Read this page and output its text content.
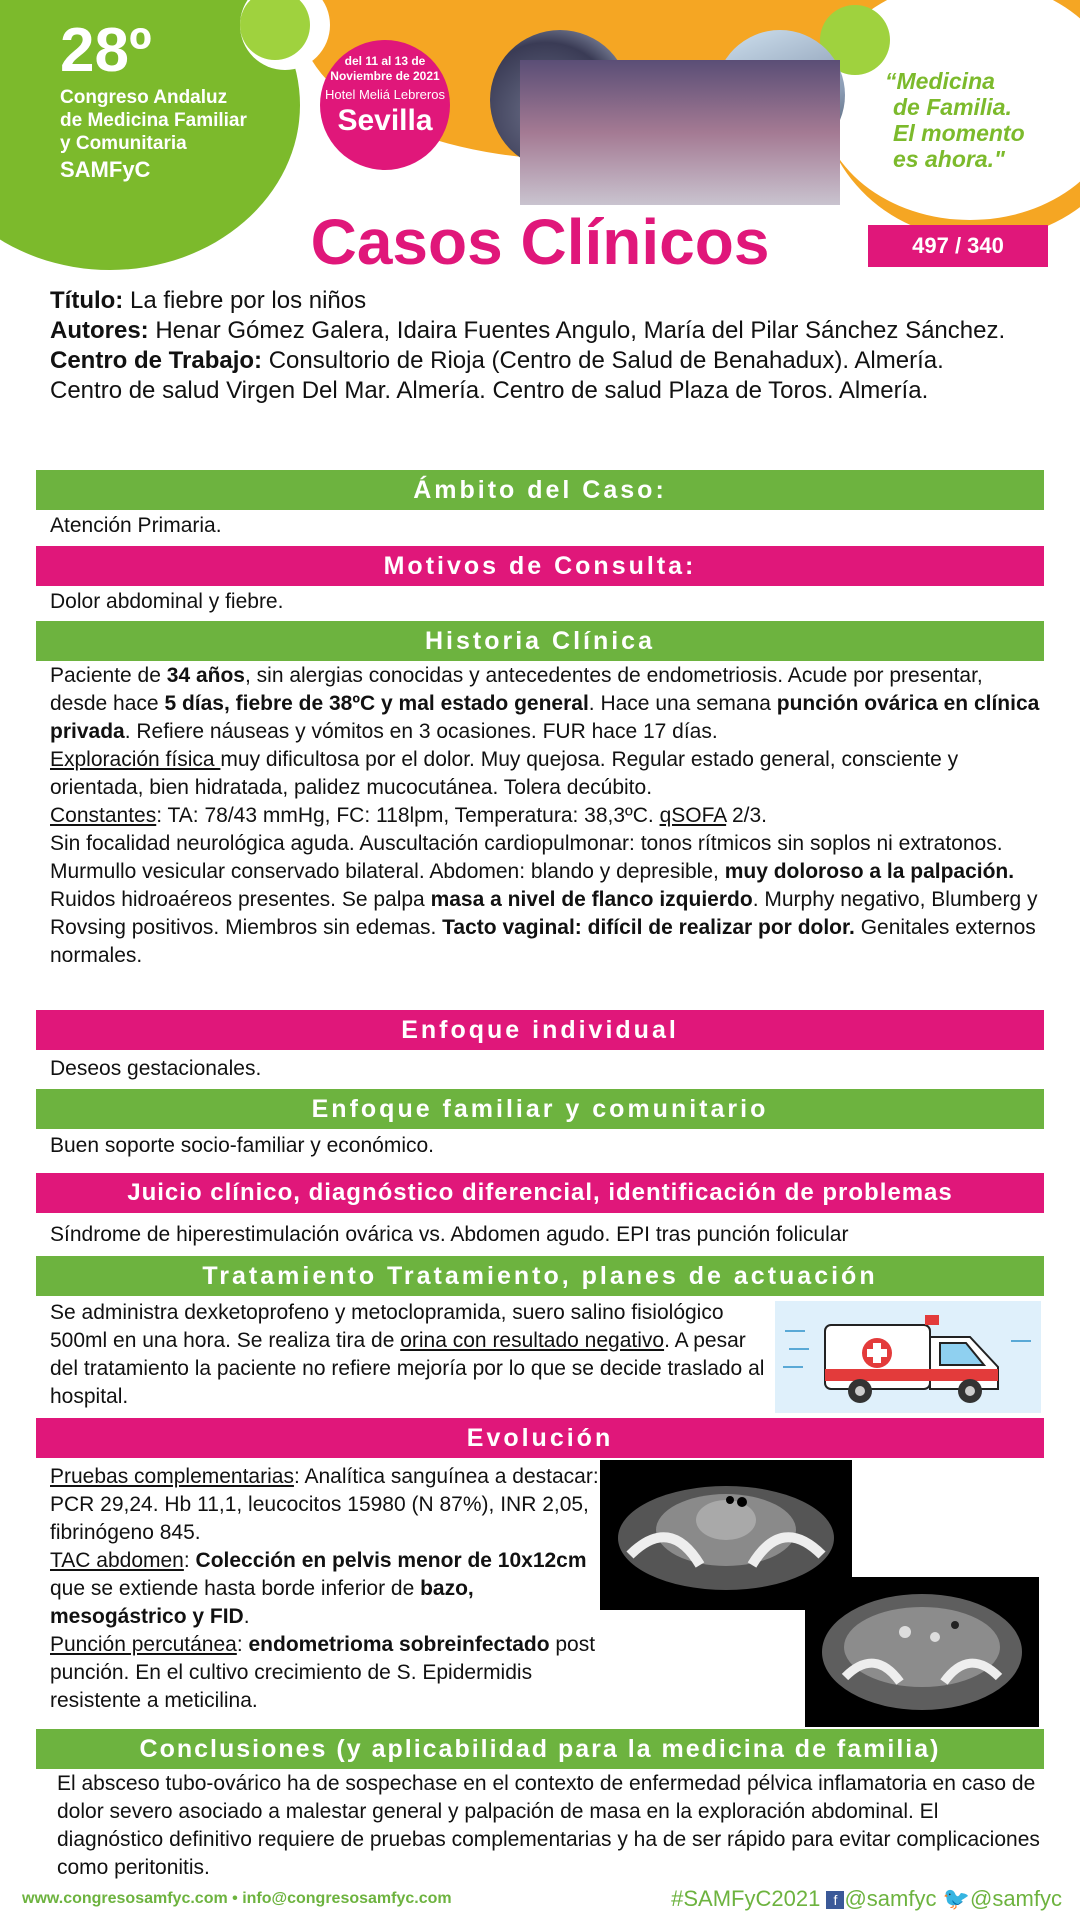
28º
Congreso Andaluz
de Medicina Familiar
y Comunitaria
SAMFyC
del 11 al 13 de
Noviembre de 2021
Hotel Meliá Lebreros
Sevilla
“Medicina
de Familia.
El momento
es ahora."
Casos Clínicos	497 / 340

Título: La fiebre por los niños

Autores: Henar Gómez Galera, Idaira Fuentes Angulo, María del Pilar Sánchez Sánchez.

Centro de Trabajo: Consultorio de Rioja (Centro de Salud de Benahadux). Almería. Centro de salud Virgen Del Mar. Almería. Centro de salud Plaza de Toros. Almería.

Ámbito del Caso:
Atención Primaria.
Motivos de Consulta:
Dolor abdominal y fiebre.
Historia Clínica
Paciente de 34 años, sin alergias conocidas y antecedentes de endometriosis. Acude por presentar, desde hace 5 días, fiebre de 38ºC y mal estado general. Hace una semana punción ovárica en clínica privada. Refiere náuseas y vómitos en 3 ocasiones. FUR hace 17 días.
Exploración física muy dificultosa por el dolor. Muy quejosa. Regular estado general, consciente y orientada, bien hidratada, palidez mucocutánea. Tolera decúbito.
Constantes: TA: 78/43 mmHg, FC: 118lpm, Temperatura: 38,3ºC. qSOFA 2/3.
Sin focalidad neurológica aguda. Auscultación cardiopulmonar: tonos rítmicos sin soplos ni extratonos. Murmullo vesicular conservado bilateral. Abdomen: blando y depresible, muy doloroso a la palpación. Ruidos hidroaéreos presentes. Se palpa masa a nivel de flanco izquierdo. Murphy negativo, Blumberg y Rovsing positivos. Miembros sin edemas. Tacto vaginal: difícil de realizar por dolor. Genitales externos normales.
Enfoque individual
Deseos gestacionales.
Enfoque familiar y comunitario
Buen soporte socio-familiar y económico.
Juicio clínico, diagnóstico diferencial, identificación de problemas
Síndrome de hiperestimulación ovárica vs. Abdomen agudo. EPI tras punción folicular
Tratamiento Tratamiento, planes de actuación
Se administra dexketoprofeno y metoclopramida, suero salino fisiológico 500ml en una hora. Se realiza tira de orina con resultado negativo. A pesar del tratamiento la paciente no refiere mejoría por lo que se decide traslado al hospital.
Evolución
Pruebas complementarias: Analítica sanguínea a destacar: PCR 29,24. Hb 11,1, leucocitos 15980 (N 87%), INR 2,05, fibrinógeno 845.
TAC abdomen: Colección en pelvis menor de 10x12cm que se extiende hasta borde inferior de bazo, mesogástrico y FID.
Punción percutánea: endometrioma sobreinfectado post punción. En el cultivo crecimiento de S. Epidermidis resistente a meticilina.
Conclusiones (y aplicabilidad para la medicina de familia)
El absceso tubo-ovárico ha de sospechase en el contexto de enfermedad pélvica inflamatoria en caso de dolor severo asociado a malestar general y palpación de masa en la exploración abdominal. El diagnóstico definitivo requiere de pruebas complementarias y ha de ser rápido para evitar complicaciones como peritonitis.
www.congresosamfyc.com • info@congresosamfyc.com	#SAMFyC2021 f @samfyc 🐦@samfyc
